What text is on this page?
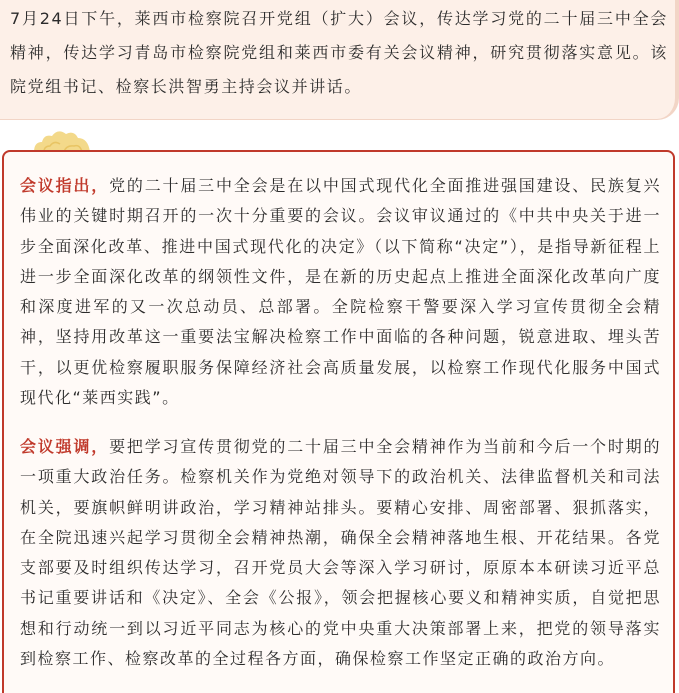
7月24日下午，莱西市检察院召开党组（扩大）会议，传达学习党的二十届三中全会精神，传达学习青岛市检察院党组和莱西市委有关会议精神，研究贯彻落实意见。该院党组书记、检察长洪智勇主持会议并讲话。

会议指出，党的二十届三中全会是在以中国式现代化全面推进强国建设、民族复兴伟业的关键时期召开的一次十分重要的会议。会议审议通过的《中共中央关于进一步全面深化改革、推进中国式现代化的决定》（以下简称“决定”），是指导新征程上进一步全面深化改革的纲领性文件，是在新的历史起点上推进全面深化改革向广度和深度进军的又一次总动员、总部署。全院检察干警要深入学习宣传贯彻全会精神，坚持用改革这一重要法宝解决检察工作中面临的各种问题，锐意进取、埋头苦干，以更优检察履职服务保障经济社会高质量发展，以检察工作现代化服务中国式现代化“莱西实践”。

会议强调，要把学习宣传贯彻党的二十届三中全会精神作为当前和今后一个时期的一项重大政治任务。检察机关作为党绝对领导下的政治机关、法律监督机关和司法机关，要旗帜鲜明讲政治，学习精神站排头。要精心安排、周密部署、狠抓落实，在全院迅速兴起学习贯彻全会精神热潮，确保全会精神落地生根、开花结果。各党支部要及时组织传达学习，召开党员大会等深入学习研讨，原原本本研读习近平总书记重要讲话和《决定》、全会《公报》，领会把握核心要义和精神实质，自觉把思想和行动统一到以习近平同志为核心的党中央重大决策部署上来，把党的领导落实到检察工作、检察改革的全过程各方面，确保检察工作坚定正确的政治方向。
